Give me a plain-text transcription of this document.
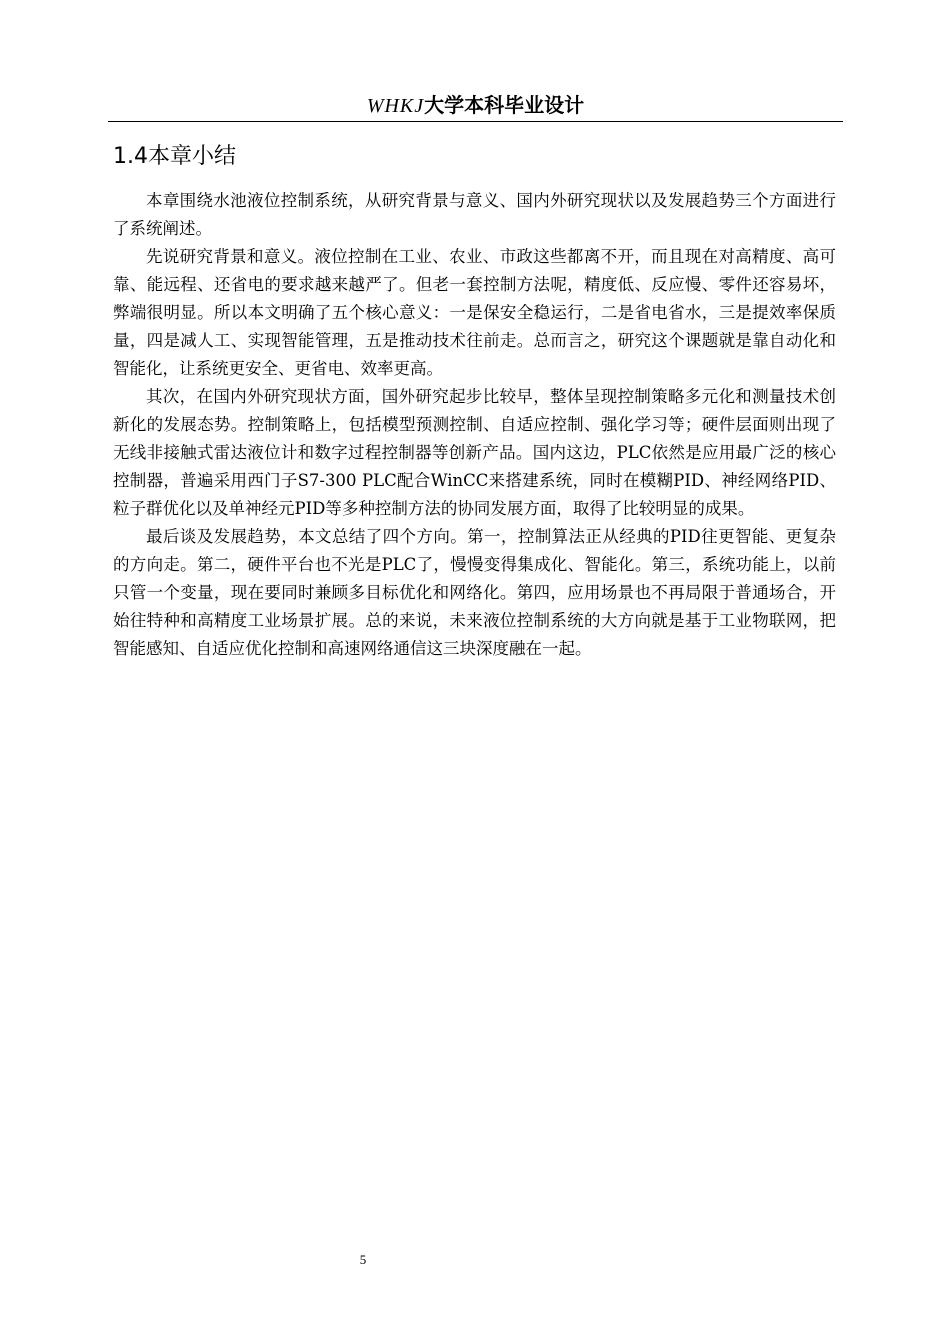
WHKJ大学本科毕业设计
1.4本章小结

本章围绕水池液位控制系统，从研究背景与意义、国内外研究现状以及发展趋势三个方面进行了系统阐述。

先说研究背景和意义。液位控制在工业、农业、市政这些都离不开，而且现在对高精度、高可靠、能远程、还省电的要求越来越严了。但老一套控制方法呢，精度低、反应慢、零件还容易坏，弊端很明显。所以本文明确了五个核心意义：一是保安全稳运行，二是省电省水，三是提效率保质量，四是减人工、实现智能管理，五是推动技术往前走。总而言之，研究这个课题就是靠自动化和智能化，让系统更安全、更省电、效率更高。

其次，在国内外研究现状方面，国外研究起步比较早，整体呈现控制策略多元化和测量技术创新化的发展态势。控制策略上，包括模型预测控制、自适应控制、强化学习等；硬件层面则出现了无线非接触式雷达液位计和数字过程控制器等创新产品。国内这边，PLC依然是应用最广泛的核心控制器，普遍采用西门子S7-300 PLC配合WinCC来搭建系统，同时在模糊PID、神经网络PID、粒子群优化以及单神经元PID等多种控制方法的协同发展方面，取得了比较明显的成果。

最后谈及发展趋势，本文总结了四个方向。第一，控制算法正从经典的PID往更智能、更复杂的方向走。第二，硬件平台也不光是PLC了，慢慢变得集成化、智能化。第三，系统功能上，以前只管一个变量，现在要同时兼顾多目标优化和网络化。第四，应用场景也不再局限于普通场合，开始往特种和高精度工业场景扩展。总的来说，未来液位控制系统的大方向就是基于工业物联网，把智能感知、自适应优化控制和高速网络通信这三块深度融在一起。

5
